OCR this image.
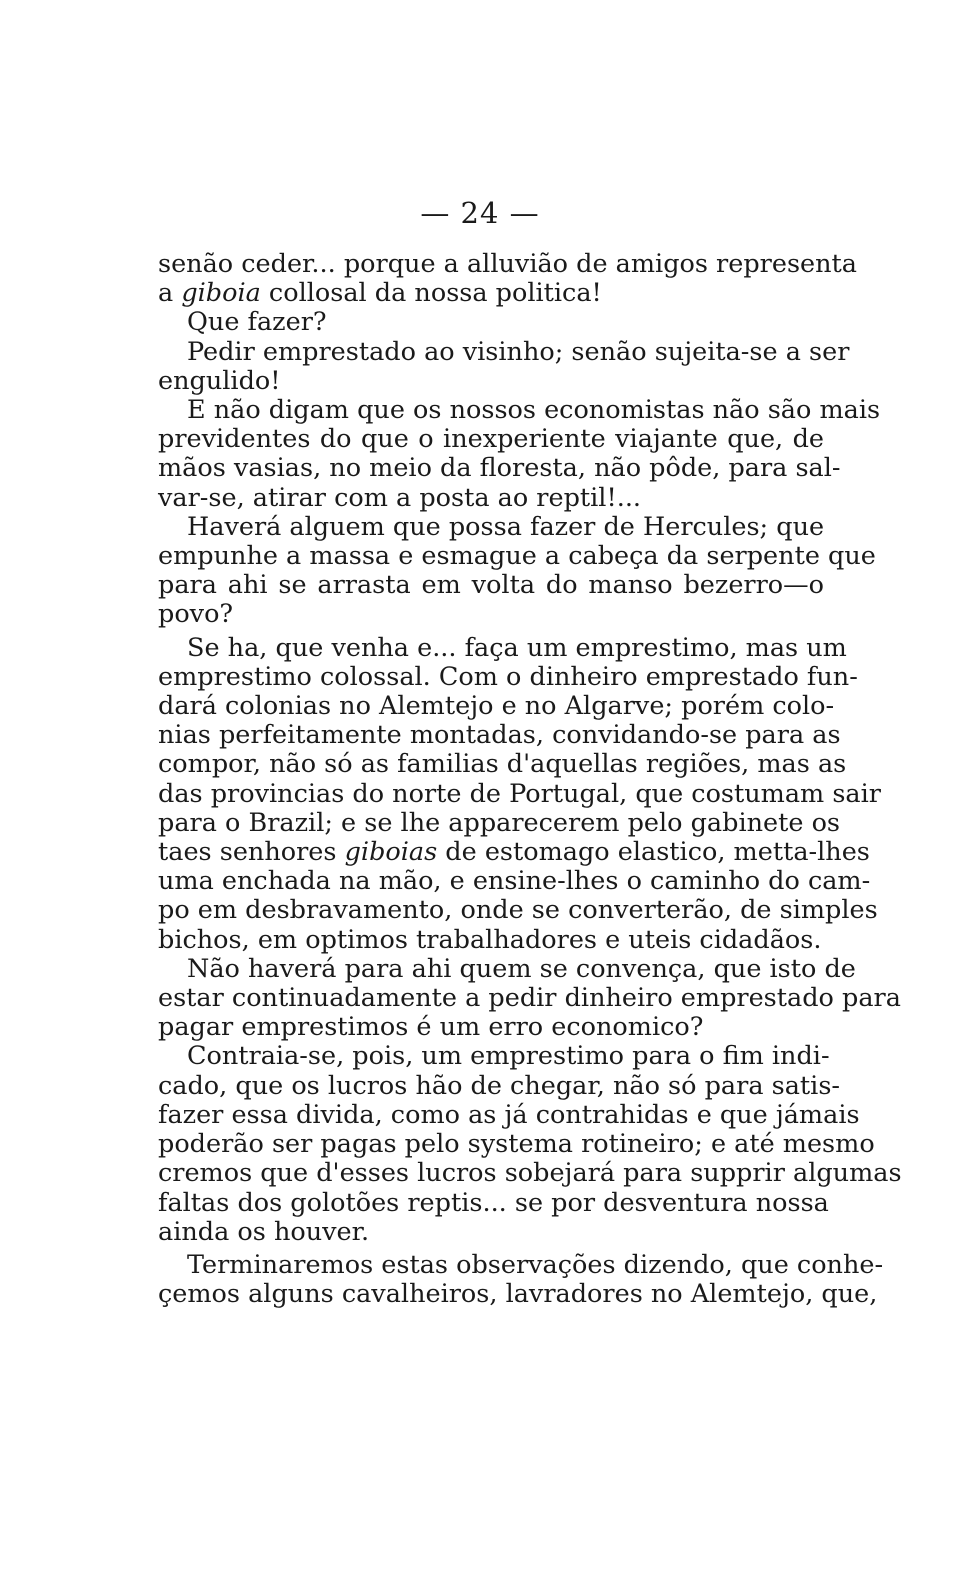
— 24 —
senão ceder... porque a alluvião de amigos representa
a giboia collosal da nossa politica!
Que fazer?
Pedir emprestado ao visinho; senão sujeita-se a ser
engulido!
E não digam que os nossos economistas não são mais
previdentes do que o inexperiente viajante que, de
mãos vasias, no meio da floresta, não pôde, para sal-
var-se, atirar com a posta ao reptil!...
Haverá alguem que possa fazer de Hercules; que
empunhe a massa e esmague a cabeça da serpente que
para ahi se arrasta em volta do manso bezerro—o
povo?
Se ha, que venha e... faça um emprestimo, mas um
emprestimo colossal. Com o dinheiro emprestado fun-
dará colonias no Alemtejo e no Algarve; porém colo-
nias perfeitamente montadas, convidando-se para as
compor, não só as familias d'aquellas regiões, mas as
das provincias do norte de Portugal, que costumam sair
para o Brazil; e se lhe apparecerem pelo gabinete os
taes senhores giboias de estomago elastico, metta-lhes
uma enchada na mão, e ensine-lhes o caminho do cam-
po em desbravamento, onde se converterão, de simples
bichos, em optimos trabalhadores e uteis cidadãos.
Não haverá para ahi quem se convença, que isto de
estar continuadamente a pedir dinheiro emprestado para
pagar emprestimos é um erro economico?
Contraia-se, pois, um emprestimo para o fim indi-
cado, que os lucros hão de chegar, não só para satis-
fazer essa divida, como as já contrahidas e que jámais
poderão ser pagas pelo systema rotineiro; e até mesmo
cremos que d'esses lucros sobejará para supprir algumas
faltas dos golotões reptis... se por desventura nossa
ainda os houver.
Terminaremos estas observações dizendo, que conhe-
çemos alguns cavalheiros, lavradores no Alemtejo, que,
